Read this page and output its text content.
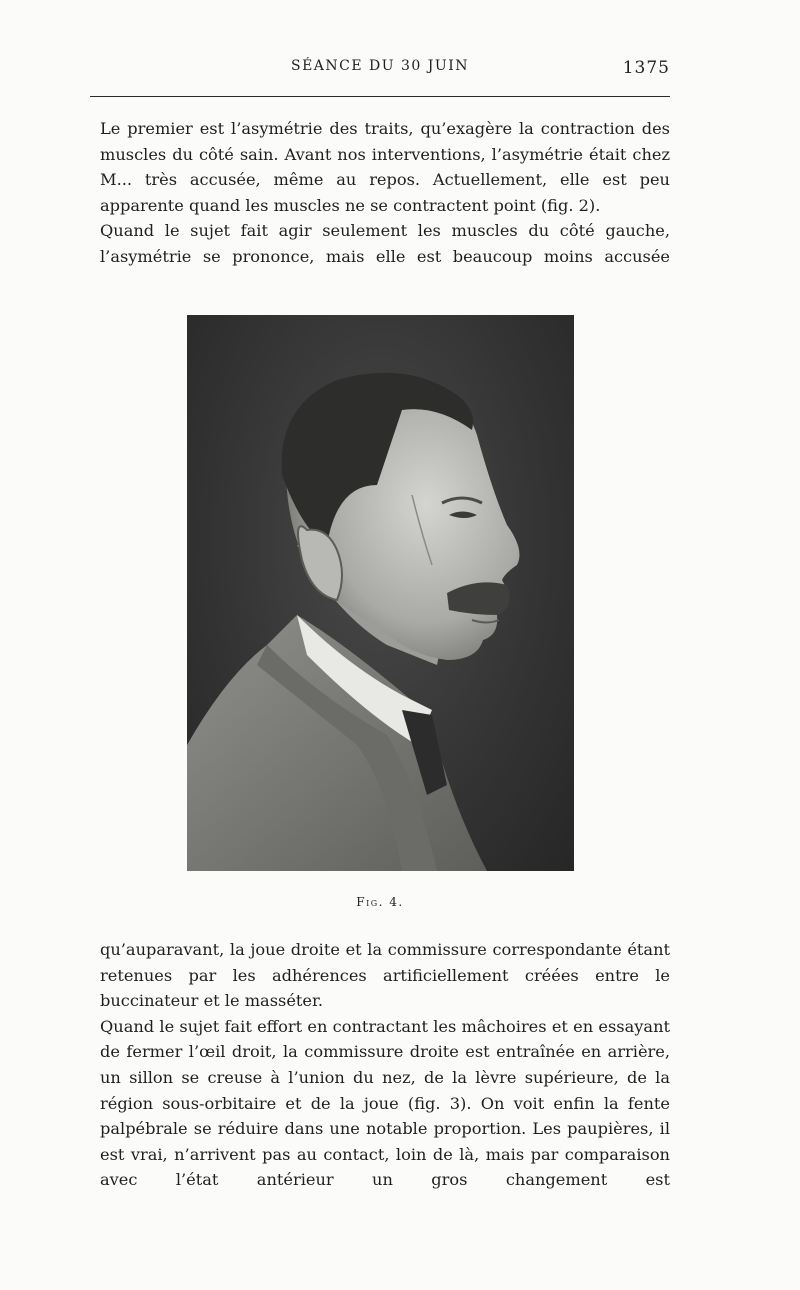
SÉANCE DU 30 JUIN	1375

Le premier est l’asymétrie des traits, qu’exagère la contraction des muscles du côté sain. Avant nos interventions, l’asymétrie était chez M... très accusée, même au repos. Actuellement, elle est peu apparente quand les muscles ne se contractent point (fig. 2).

Quand le sujet fait agir seulement les muscles du côté gauche, l’asymétrie se prononce, mais elle est beaucoup moins accusée

Fig. 4.

qu’auparavant, la joue droite et la commissure correspondante étant retenues par les adhérences artificiellement créées entre le buccinateur et le masséter.

Quand le sujet fait effort en contractant les mâchoires et en essayant de fermer l’œil droit, la commissure droite est entraînée en arrière, un sillon se creuse à l’union du nez, de la lèvre supérieure, de la région sous-orbitaire et de la joue (fig. 3). On voit enfin la fente palpébrale se réduire dans une notable proportion. Les paupières, il est vrai, n’arrivent pas au contact, loin de là, mais par comparaison avec l’état antérieur un gros changement est
